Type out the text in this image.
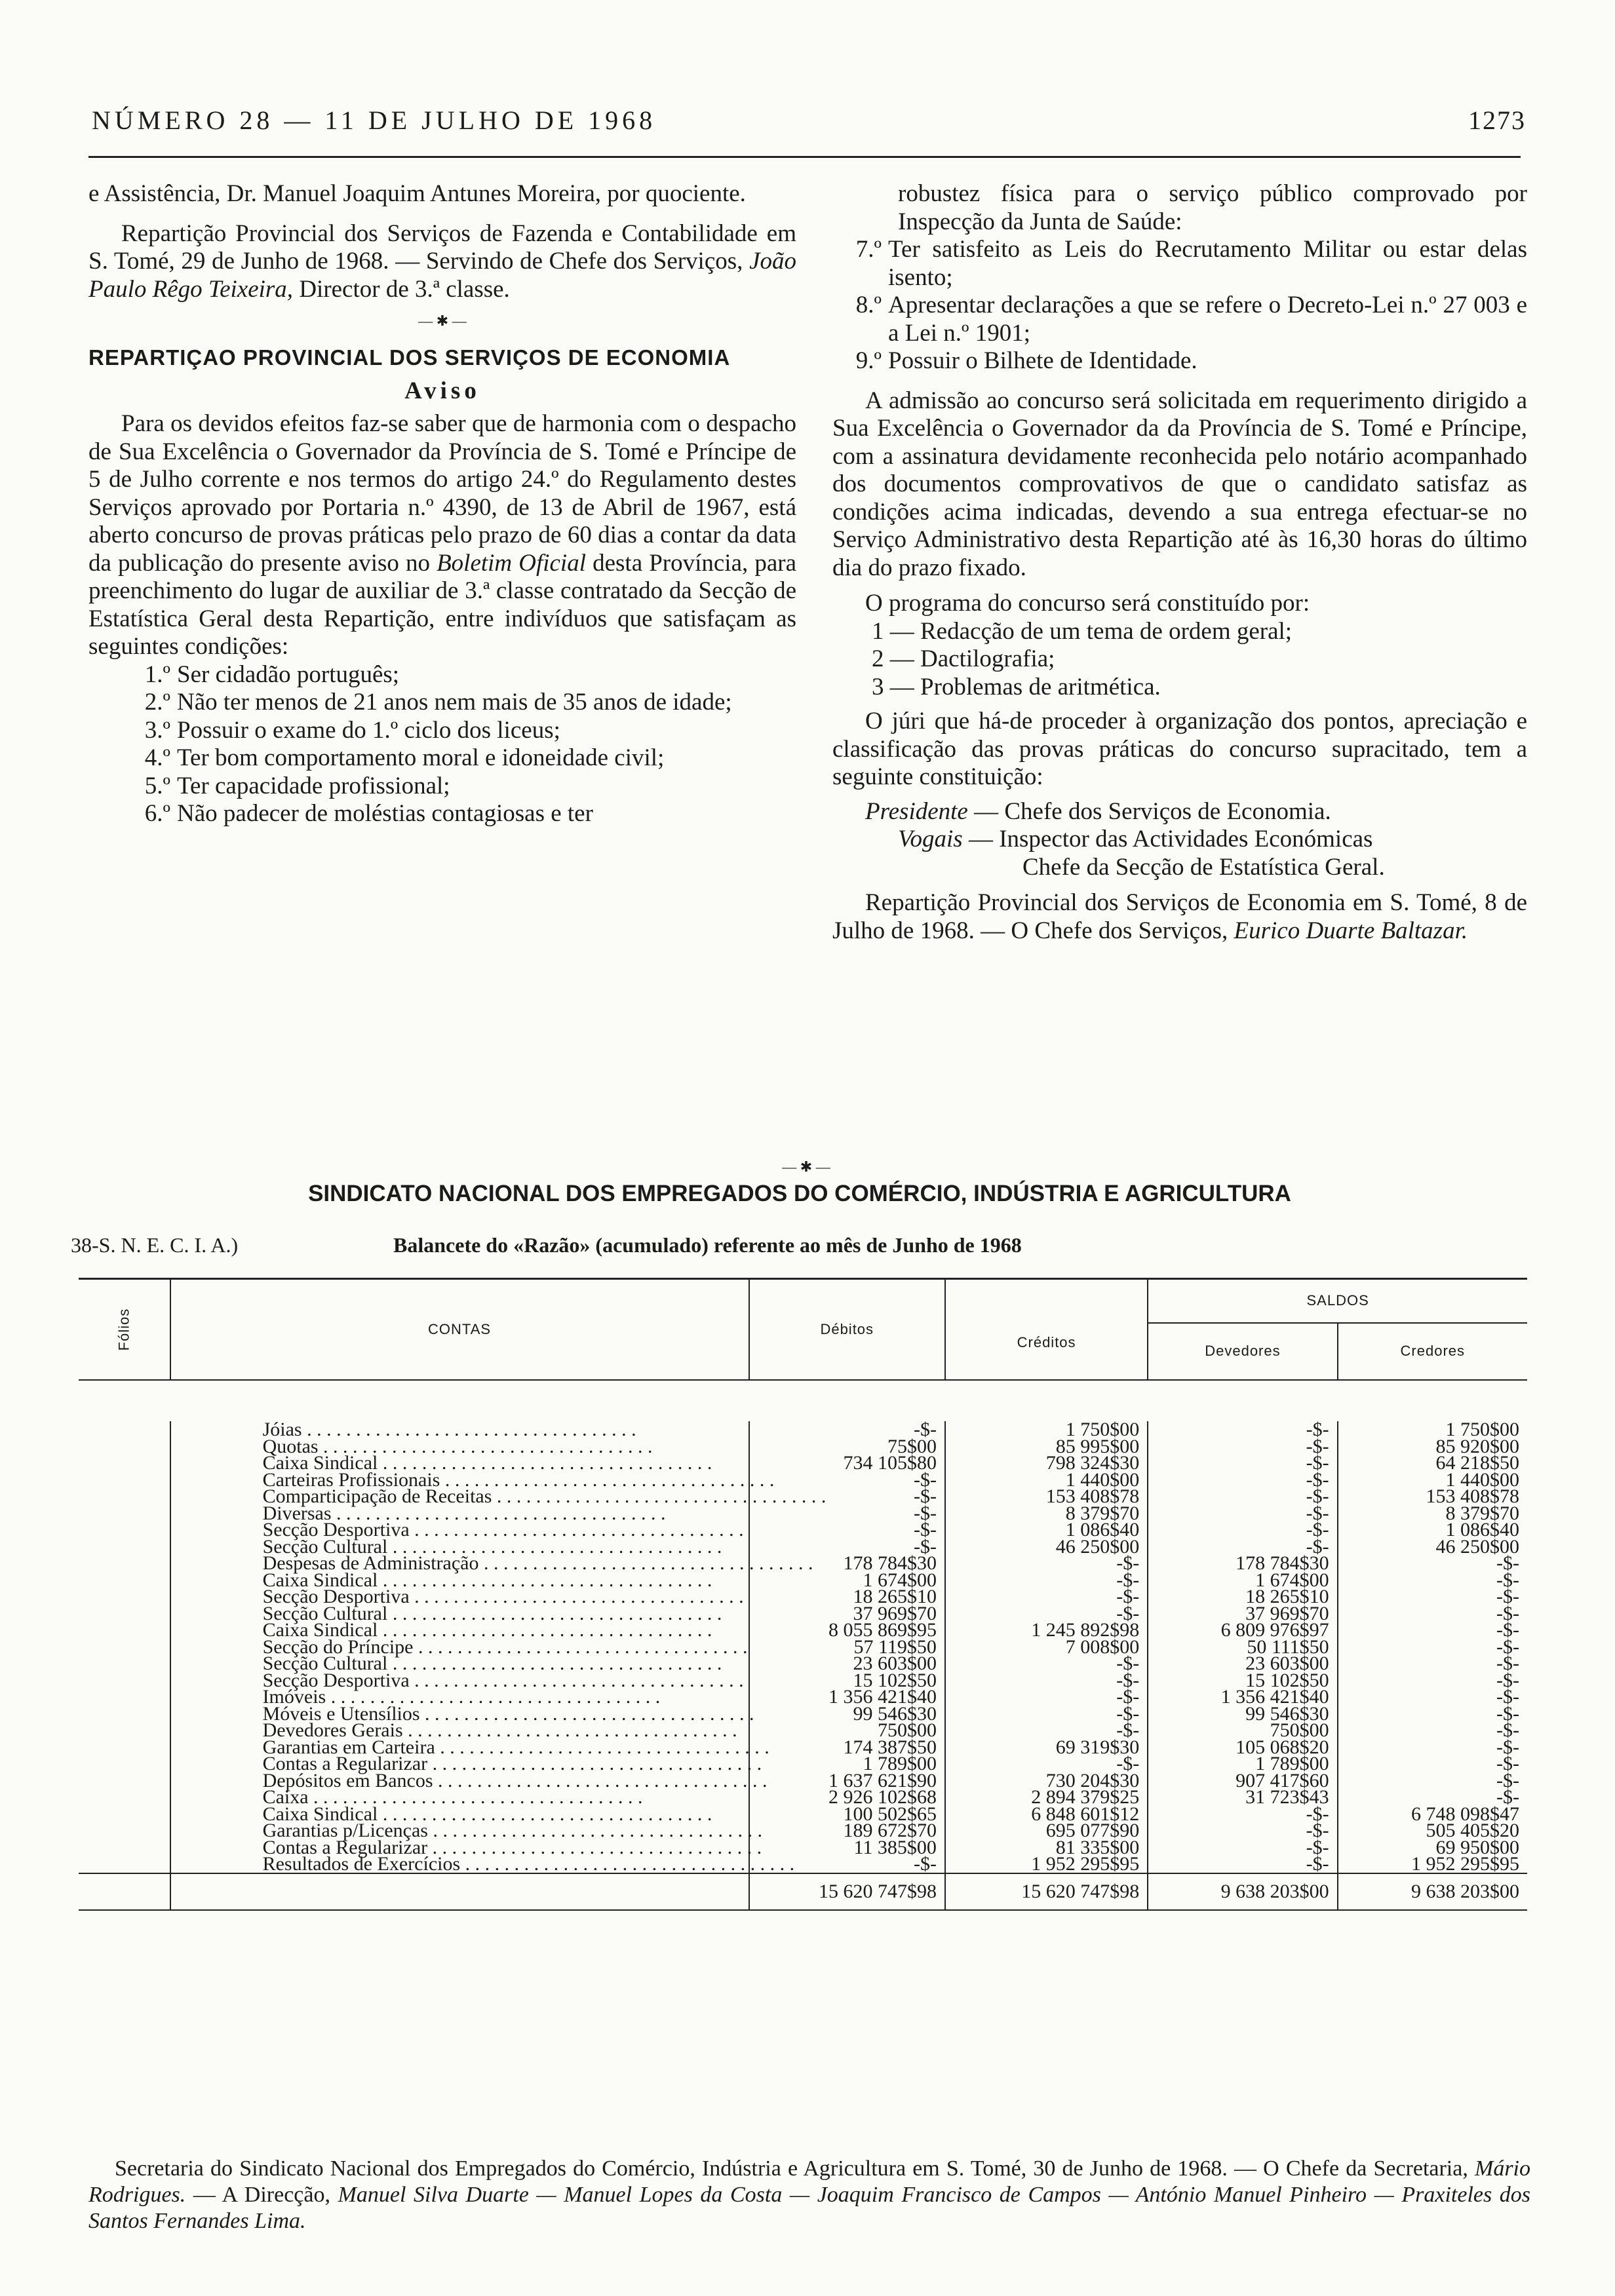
NÚMERO 28 — 11 DE JULHO DE 1968	1273

e Assistência, Dr. Manuel Joaquim Antunes Moreira, por quociente.

Repartição Provincial dos Serviços de Fazenda e Contabilidade em S. Tomé, 29 de Junho de 1968. — Servindo de Chefe dos Serviços, João Paulo Rêgo Teixeira, Director de 3.ª classe.

— ✱ —
REPARTIÇAO PROVINCIAL DOS SERVIÇOS DE ECONOMIA
Aviso

Para os devidos efeitos faz-se saber que de harmonia com o despacho de Sua Excelência o Governador da Província de S. Tomé e Príncipe de 5 de Julho corrente e nos termos do artigo 24.º do Regulamento destes Serviços aprovado por Portaria n.º 4390, de 13 de Abril de 1967, está aberto concurso de provas práticas pelo prazo de 60 dias a contar da data da publicação do presente aviso no Boletim Oficial desta Província, para preenchimento do lugar de auxiliar de 3.ª classe contratado da Secção de Estatística Geral desta Repartição, entre indivíduos que satisfaçam as seguintes condições:

1.º Ser cidadão português;
2.º Não ter menos de 21 anos nem mais de 35 anos de idade;
3.º Possuir o exame do 1.º ciclo dos liceus;
4.º Ter bom comportamento moral e idoneidade civil;
5.º Ter capacidade profissional;
6.º Não padecer de moléstias contagiosas e ter

robustez física para o serviço público comprovado por Inspecção da Junta de Saúde:

7.º Ter satisfeito as Leis do Recrutamento Militar ou estar delas isento;
8.º Apresentar declarações a que se refere o Decreto-Lei n.º 27 003 e a Lei n.º 1901;
9.º Possuir o Bilhete de Identidade.

A admissão ao concurso será solicitada em requerimento dirigido a Sua Excelência o Governador da da Província de S. Tomé e Príncipe, com a assinatura devidamente reconhecida pelo notário acompanhado dos documentos comprovativos de que o candidato satisfaz as condições acima indicadas, devendo a sua entrega efectuar-se no Serviço Administrativo desta Repartição até às 16,30 horas do último dia do prazo fixado.

O programa do concurso será constituído por:

1 — Redacção de um tema de ordem geral;
2 — Dactilografia;
3 — Problemas de aritmética.

O júri que há-de proceder à organização dos pontos, apreciação e classificação das provas práticas do concurso supracitado, tem a seguinte constituição:

Presidente — Chefe dos Serviços de Economia.
Vogais — Inspector das Actividades Económicas
Chefe da Secção de Estatística Geral.

Repartição Provincial dos Serviços de Economia em S. Tomé, 8 de Julho de 1968. — O Chefe dos Serviços, Eurico Duarte Baltazar.

— ✱ —
SINDICATO NACIONAL DOS EMPREGADOS DO COMÉRCIO, INDÚSTRIA E AGRICULTURA
38-S. N. E. C. I. A.)	Balancete do «Razão» (acumulado) referente ao mês de Junho de 1968
Fólios	CONTAS	Débitos	Créditos	SALDOS	
				Devedores	Credores

	Jóias . . . . . . . . . . . . . . . . . . . . . . . . . . . . . . . . . .	-$-	1 750$00	-$-	1 750$00
	Quotas . . . . . . . . . . . . . . . . . . . . . . . . . . . . . . . . . .	75$00	85 995$00	-$-	85 920$00
	Caixa Sindical . . . . . . . . . . . . . . . . . . . . . . . . . . . . . . . . . .	734 105$80	798 324$30	-$-	64 218$50
	Carteiras Profissionais . . . . . . . . . . . . . . . . . . . . . . . . . . . . . . . . . .	-$-	1 440$00	-$-	1 440$00
	Comparticipação de Receitas . . . . . . . . . . . . . . . . . . . . . . . . . . . . . . . . . .	-$-	153 408$78	-$-	153 408$78
	Diversas . . . . . . . . . . . . . . . . . . . . . . . . . . . . . . . . . .	-$-	8 379$70	-$-	8 379$70
	Secção Desportiva . . . . . . . . . . . . . . . . . . . . . . . . . . . . . . . . . .	-$-	1 086$40	-$-	1 086$40
	Secção Cultural . . . . . . . . . . . . . . . . . . . . . . . . . . . . . . . . . .	-$-	46 250$00	-$-	46 250$00
	Despesas de Administração . . . . . . . . . . . . . . . . . . . . . . . . . . . . . . . . . .	178 784$30	-$-	178 784$30	-$-
	Caixa Sindical . . . . . . . . . . . . . . . . . . . . . . . . . . . . . . . . . .	1 674$00	-$-	1 674$00	-$-
	Secção Desportiva . . . . . . . . . . . . . . . . . . . . . . . . . . . . . . . . . .	18 265$10	-$-	18 265$10	-$-
	Secção Cultural . . . . . . . . . . . . . . . . . . . . . . . . . . . . . . . . . .	37 969$70	-$-	37 969$70	-$-
	Caixa Sindical . . . . . . . . . . . . . . . . . . . . . . . . . . . . . . . . . .	8 055 869$95	1 245 892$98	6 809 976$97	-$-
	Secção do Príncipe . . . . . . . . . . . . . . . . . . . . . . . . . . . . . . . . . .	57 119$50	7 008$00	50 111$50	-$-
	Secção Cultural . . . . . . . . . . . . . . . . . . . . . . . . . . . . . . . . . .	23 603$00	-$-	23 603$00	-$-
	Secção Desportiva . . . . . . . . . . . . . . . . . . . . . . . . . . . . . . . . . .	15 102$50	-$-	15 102$50	-$-
	Imóveis . . . . . . . . . . . . . . . . . . . . . . . . . . . . . . . . . .	1 356 421$40	-$-	1 356 421$40	-$-
	Móveis e Utensílios . . . . . . . . . . . . . . . . . . . . . . . . . . . . . . . . . .	99 546$30	-$-	99 546$30	-$-
	Devedores Gerais . . . . . . . . . . . . . . . . . . . . . . . . . . . . . . . . . .	750$00	-$-	750$00	-$-
	Garantias em Carteira . . . . . . . . . . . . . . . . . . . . . . . . . . . . . . . . . .	174 387$50	69 319$30	105 068$20	-$-
	Contas a Regularizar . . . . . . . . . . . . . . . . . . . . . . . . . . . . . . . . . .	1 789$00	-$-	1 789$00	-$-
	Depósitos em Bancos . . . . . . . . . . . . . . . . . . . . . . . . . . . . . . . . . .	1 637 621$90	730 204$30	907 417$60	-$-
	Caixa . . . . . . . . . . . . . . . . . . . . . . . . . . . . . . . . . .	2 926 102$68	2 894 379$25	31 723$43	-$-
	Caixa Sindical . . . . . . . . . . . . . . . . . . . . . . . . . . . . . . . . . .	100 502$65	6 848 601$12	-$-	6 748 098$47
	Garantias p/Licenças . . . . . . . . . . . . . . . . . . . . . . . . . . . . . . . . . .	189 672$70	695 077$90	-$-	505 405$20
	Contas a Regularizar . . . . . . . . . . . . . . . . . . . . . . . . . . . . . . . . . .	11 385$00	81 335$00	-$-	69 950$00
	Resultados de Exercícios . . . . . . . . . . . . . . . . . . . . . . . . . . . . . . . . . .	-$-	1 952 295$95	-$-	1 952 295$95
		15 620 747$98	15 620 747$98	9 638 203$00	9 638 203$00

Secretaria do Sindicato Nacional dos Empregados do Comércio, Indústria e Agricultura em S. Tomé, 30 de Junho de 1968. — O Chefe da Secretaria, Mário Rodrigues. — A Direcção, Manuel Silva Duarte — Manuel Lopes da Costa — Joaquim Francisco de Campos — António Manuel Pinheiro — Praxiteles dos Santos Fernandes Lima.
